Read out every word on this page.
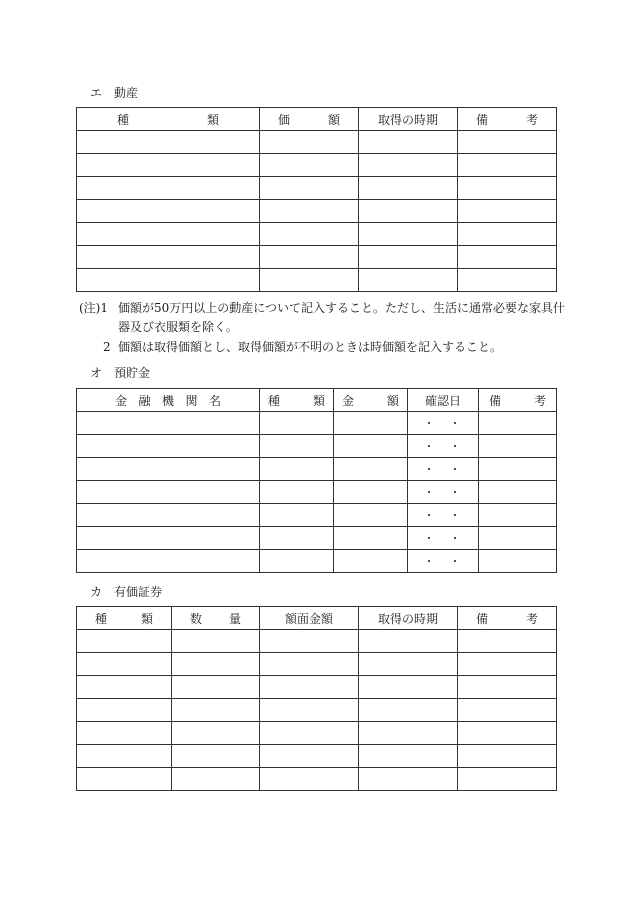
エ　動産
種 類	価 額	取得の時期	備 考

(注)1 価額が50万円以上の動産について記入すること。ただし、生活に通常必要な家具什
器及び衣服類を除く。
2 価額は取得価額とし、取得価額が不明のときは時価額を記入すること。
オ　預貯金
金 融 機 関 名	種 類	金 額	確認日	備 考

			・　・	
			・　・	
			・　・	
			・　・	
			・　・	
			・　・	
			・　・	
カ　有価証券
種 類	数 量	額面金額	取得の時期	備 考
